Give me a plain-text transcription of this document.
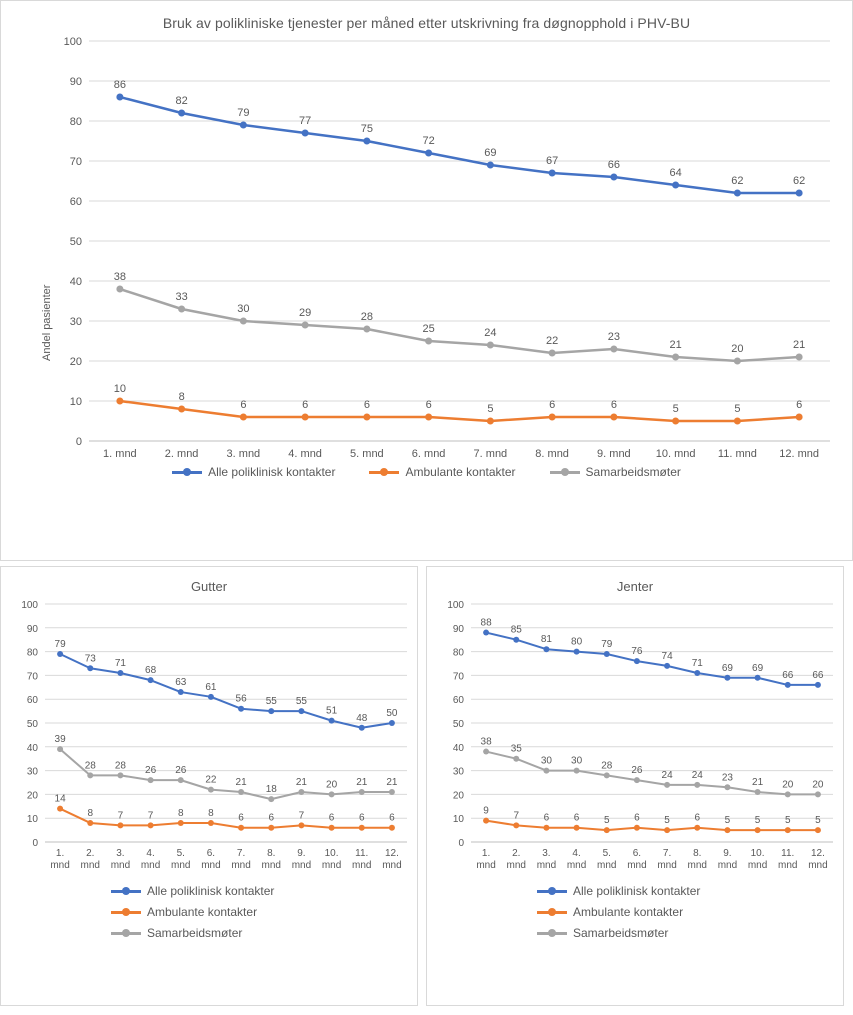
Bruk av polikliniske tjenester per måned etter utskrivning fra døgnopphold i PHV-BU
Andel pasienter
0
10
20
30
40
50
60
70
80
90
100
1. mnd	2. mnd	3. mnd	4. mnd	5. mnd	6. mnd	7. mnd	8. mnd	9. mnd 10. mnd 11. mnd 12. mnd
86
82
79
77
75
72
69
67	66
64
62	62
10
8
6	6	6	6	5	6	6	5	5	6
38
33
30	29	28
25	24
22	23
21	20	21
Alle poliklinisk kontakter	Ambulante kontakter	Samarbeidsmøter
Gutter
0
10
20
30
40
50
60
70
80
90
100
1.
mnd
2.
mnd
3.
mnd
4.
mnd
5.
mnd
6.
mnd
7.
mnd
8.
mnd
9.
mnd
10.
mnd
11.
mnd
12.
mnd
79
73 71
68
63 61
56 55 55
51
48 50
14
8 7 7 8 8 6 6 7 6 6 6
39
28 28 26 26
22 21
18
21 20 21 21
Alle poliklinisk kontakter
Ambulante kontakter
Samarbeidsmøter
Jenter
0
10
20
30
40
50
60
70
80
90
100
1.
mnd
2.
mnd
3.
mnd
4.
mnd
5.
mnd
6.
mnd
7.
mnd
8.
mnd
9.
mnd
10.
mnd
11.
mnd
12.
mnd
88
85
81 80 79
76 74
71 69 69
66 66
9 7 6 6 5 6 5 6 5 5 5 5
38
35
30 30 28 26 24 24 23 21 20 20
Alle poliklinisk kontakter
Ambulante kontakter
Samarbeidsmøter
